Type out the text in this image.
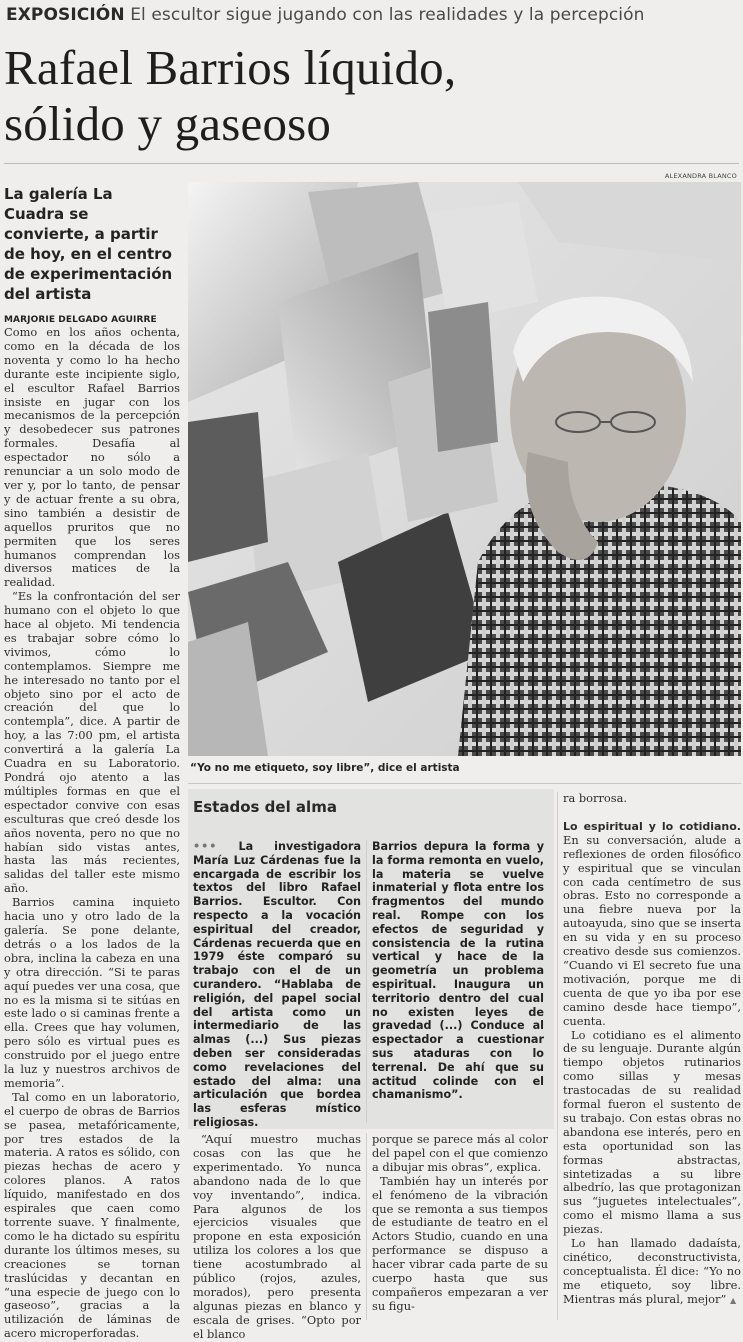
EXPOSICIÓN El escultor sigue jugando con las realidades y la percepción
Rafael Barrios líquido,
sólido y gaseoso
ALEXANDRA BLANCO
La galería La Cuadra se convierte, a partir de hoy, en el centro de experimentación del artista
MARJORIE DELGADO AGUIRRE

Como en los años ochenta, como en la década de los noventa y como lo ha hecho durante este incipiente siglo, el escultor Rafael Barrios insiste en jugar con los mecanismos de la percepción y desobedecer sus patrones formales. Desafía al espectador no sólo a renunciar a un solo modo de ver y, por lo tanto, de pensar y de actuar frente a su obra, sino también a desistir de aquellos pruritos que no permiten que los seres humanos comprendan los diversos matices de la realidad.

“Es la confrontación del ser humano con el objeto lo que hace al objeto. Mi tendencia es trabajar sobre cómo lo vivimos, cómo lo contemplamos. Siempre me he interesado no tanto por el objeto sino por el acto de creación del que lo contempla”, dice. A partir de hoy, a las 7:00 pm, el artista convertirá a la galería La Cuadra en su Laboratorio. Pondrá ojo atento a las múltiples formas en que el espectador convive con esas esculturas que creó desde los años noventa, pero no que no habían sido vistas antes, hasta las más recientes, salidas del taller este mismo año.

Barrios camina inquieto hacia uno y otro lado de la galería. Se pone delante, detrás o a los lados de la obra, inclina la cabeza en una y otra dirección. “Si te paras aquí puedes ver una cosa, que no es la misma si te sitúas en este lado o si caminas frente a ella. Crees que hay volumen, pero sólo es virtual pues es construido por el juego entre la luz y nuestros archivos de memoria”.

Tal como en un laboratorio, el cuerpo de obras de Barrios se pasea, metafóricamente, por tres estados de la materia. A ratos es sólido, con piezas hechas de acero y colores planos. A ratos líquido, manifestado en dos espirales que caen como torrente suave. Y finalmente, como le ha dictado su espíritu durante los últimos meses, su creaciones se tornan traslúcidas y decantan en “una especie de juego con lo gaseoso”, gracias a la utilización de láminas de acero microperforadas.

“Yo no me etiqueto, soy libre”, dice el artista
Estados del alma

••• La investigadora María Luz Cárdenas fue la encargada de escribir los textos del libro Rafael Barrios. Escultor. Con respecto a la vocación espiritual del creador, Cárdenas recuerda que en 1979 éste comparó su trabajo con el de un curandero. “Hablaba de religión, del papel social del artista como un intermediario de las almas (...) Sus piezas deben ser consideradas como revelaciones del estado del alma: una articulación que bordea las esferas místico religiosas.

Barrios depura la forma y la forma remonta en vuelo, la materia se vuelve inmaterial y flota entre los fragmentos del mundo real. Rompe con los efectos de seguridad y consistencia de la rutina vertical y hace de la geometría un problema espiritual. Inaugura un territorio dentro del cual no existen leyes de gravedad (...) Conduce al espectador a cuestionar sus ataduras con lo terrenal. De ahí que su actitud colinde con el chamanismo”.

“Aquí muestro muchas cosas con las que he experimentado. Yo nunca abandono nada de lo que voy inventando”, indica. Para algunos de los ejercicios visuales que propone en esta exposición utiliza los colores a los que tiene acostumbrado al público (rojos, azules, morados), pero presenta algunas piezas en blanco y escala de grises. “Opto por el blanco

porque se parece más al color del papel con el que comienzo a dibujar mis obras”, explica.

También hay un interés por el fenómeno de la vibración que se remonta a sus tiempos de estudiante de teatro en el Actors Studio, cuando en una performance se dispuso a hacer vibrar cada parte de su cuerpo hasta que sus compañeros empezaran a ver su figu-

ra borrosa.

Lo espiritual y lo cotidiano. En su conversación, alude a reflexiones de orden filosófico y espiritual que se vinculan con cada centímetro de sus obras. Esto no corresponde a una fiebre nueva por la autoayuda, sino que se inserta en su vida y en su proceso creativo desde sus comienzos. “Cuando vi El secreto fue una motivación, porque me di cuenta de que yo iba por ese camino desde hace tiempo”, cuenta.

Lo cotidiano es el alimento de su lenguaje. Durante algún tiempo objetos rutinarios como sillas y mesas trastocadas de su realidad formal fueron el sustento de su trabajo. Con estas obras no abandona ese interés, pero en esta oportunidad son las formas abstractas, sintetizadas a su libre albedrío, las que protagonizan sus “juguetes intelectuales”, como el mismo llama a sus piezas.

Lo han llamado dadaísta, cinético, deconstructivista, conceptualista. Él dice: “Yo no me etiqueto, soy libre. Mientras más plural, mejor” ▲
